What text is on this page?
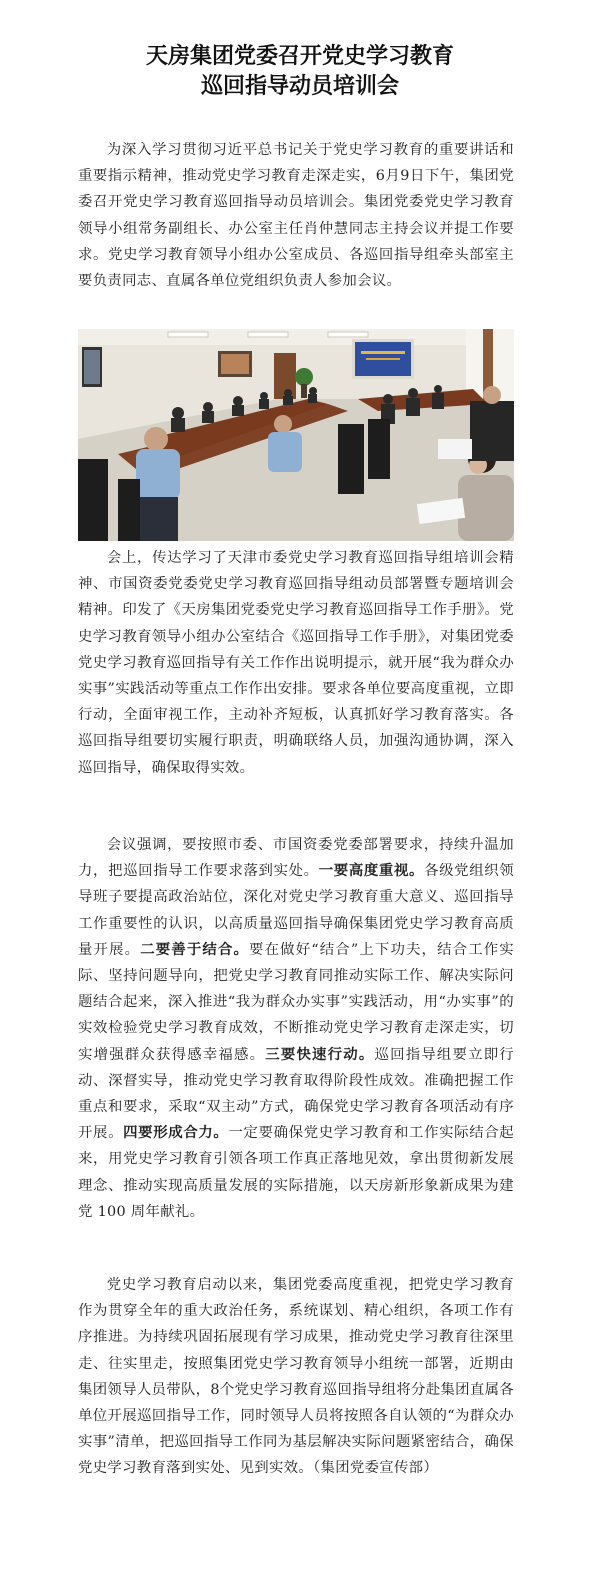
天房集团党委召开党史学习教育
巡回指导动员培训会

为深入学习贯彻习近平总书记关于党史学习教育的重要讲话和重要指示精神，推动党史学习教育走深走实，6月9日下午，集团党委召开党史学习教育巡回指导动员培训会。集团党委党史学习教育领导小组常务副组长、办公室主任肖仲慧同志主持会议并提工作要求。党史学习教育领导小组办公室成员、各巡回指导组牵头部室主要负责同志、直属各单位党组织负责人参加会议。

会上，传达学习了天津市委党史学习教育巡回指导组培训会精神、市国资委党委党史学习教育巡回指导组动员部署暨专题培训会精神。印发了《天房集团党委党史学习教育巡回指导工作手册》。党史学习教育领导小组办公室结合《巡回指导工作手册》，对集团党委党史学习教育巡回指导有关工作作出说明提示，就开展“我为群众办实事”实践活动等重点工作作出安排。要求各单位要高度重视，立即行动，全面审视工作，主动补齐短板，认真抓好学习教育落实。各巡回指导组要切实履行职责，明确联络人员，加强沟通协调，深入巡回指导，确保取得实效。

会议强调，要按照市委、市国资委党委部署要求，持续升温加力，把巡回指导工作要求落到实处。一要高度重视。各级党组织领导班子要提高政治站位，深化对党史学习教育重大意义、巡回指导工作重要性的认识，以高质量巡回指导确保集团党史学习教育高质量开展。二要善于结合。要在做好“结合”上下功夫，结合工作实际、坚持问题导向，把党史学习教育同推动实际工作、解决实际问题结合起来，深入推进“我为群众办实事”实践活动，用“办实事”的实效检验党史学习教育成效，不断推动党史学习教育走深走实，切实增强群众获得感幸福感。三要快速行动。巡回指导组要立即行动、深督实导，推动党史学习教育取得阶段性成效。准确把握工作重点和要求，采取“双主动”方式，确保党史学习教育各项活动有序开展。四要形成合力。一定要确保党史学习教育和工作实际结合起来，用党史学习教育引领各项工作真正落地见效，拿出贯彻新发展理念、推动实现高质量发展的实际措施，以天房新形象新成果为建党 100 周年献礼。

党史学习教育启动以来，集团党委高度重视，把党史学习教育作为贯穿全年的重大政治任务，系统谋划、精心组织，各项工作有序推进。为持续巩固拓展现有学习成果，推动党史学习教育往深里走、往实里走，按照集团党史学习教育领导小组统一部署，近期由集团领导人员带队，8个党史学习教育巡回指导组将分赴集团直属各单位开展巡回指导工作，同时领导人员将按照各自认领的“为群众办实事”清单，把巡回指导工作同为基层解决实际问题紧密结合，确保党史学习教育落到实处、见到实效。（集团党委宣传部）
